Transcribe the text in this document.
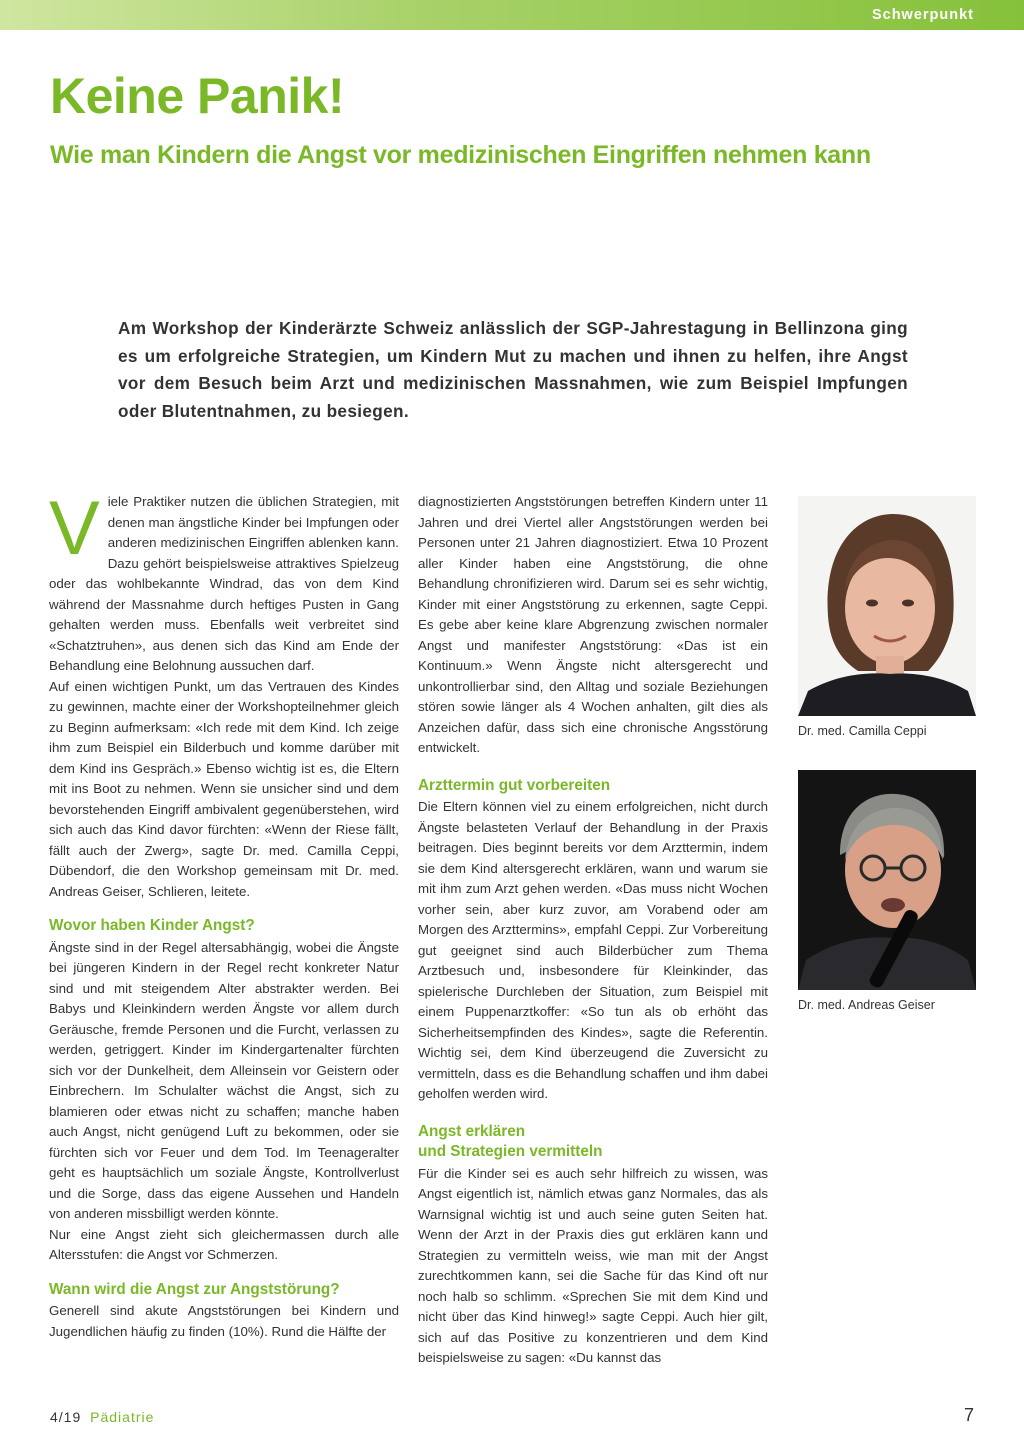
Schwerpunkt
Keine Panik!
Wie man Kindern die Angst vor medizinischen Eingriffen nehmen kann

Am Workshop der Kinderärzte Schweiz anlässlich der SGP-Jahrestagung in Bellinzona ging es um erfolgreiche Strategien, um Kindern Mut zu machen und ihnen zu helfen, ihre Angst vor dem Besuch beim Arzt und medizinischen Massnahmen, wie zum Beispiel Impfungen oder Blutentnahmen, zu besiegen.

Viele Praktiker nutzen die üblichen Strategien, mit denen man ängstliche Kinder bei Impfungen oder anderen medizinischen Eingriffen ablenken kann. Dazu gehört beispielsweise attraktives Spielzeug oder das wohlbekannte Windrad, das von dem Kind während der Massnahme durch heftiges Pusten in Gang gehalten werden muss. Ebenfalls weit verbreitet sind «Schatztruhen», aus denen sich das Kind am Ende der Behandlung eine Belohnung aussuchen darf.

Auf einen wichtigen Punkt, um das Vertrauen des Kindes zu gewinnen, machte einer der Workshopteilnehmer gleich zu Beginn aufmerksam: «Ich rede mit dem Kind. Ich zeige ihm zum Beispiel ein Bilderbuch und komme darüber mit dem Kind ins Gespräch.» Ebenso wichtig ist es, die Eltern mit ins Boot zu nehmen. Wenn sie unsicher sind und dem bevorstehenden Eingriff ambivalent gegenüberstehen, wird sich auch das Kind davor fürchten: «Wenn der Riese fällt, fällt auch der Zwerg», sagte Dr. med. Camilla Ceppi, Dübendorf, die den Workshop gemeinsam mit Dr. med. Andreas Geiser, Schlieren, leitete.

Wovor haben Kinder Angst?

Ängste sind in der Regel altersabhängig, wobei die Ängste bei jüngeren Kindern in der Regel recht konkreter Natur sind und mit steigendem Alter abstrakter werden. Bei Babys und Kleinkindern werden Ängste vor allem durch Geräusche, fremde Personen und die Furcht, verlassen zu werden, getriggert. Kinder im Kindergartenalter fürchten sich vor der Dunkelheit, dem Alleinsein vor Geistern oder Einbrechern. Im Schulalter wächst die Angst, sich zu blamieren oder etwas nicht zu schaffen; manche haben auch Angst, nicht genügend Luft zu bekommen, oder sie fürchten sich vor Feuer und dem Tod. Im Teenageralter geht es hauptsächlich um soziale Ängste, Kontrollverlust und die Sorge, dass das eigene Aussehen und Handeln von anderen missbilligt werden könnte.

Nur eine Angst zieht sich gleichermassen durch alle Altersstufen: die Angst vor Schmerzen.

Wann wird die Angst zur Angststörung?

Generell sind akute Angststörungen bei Kindern und Jugendlichen häufig zu finden (10%). Rund die Hälfte der

diagnostizierten Angststörungen betreffen Kindern unter 11 Jahren und drei Viertel aller Angststörungen werden bei Personen unter 21 Jahren diagnostiziert. Etwa 10 Prozent aller Kinder haben eine Angststörung, die ohne Behandlung chronifizieren wird. Darum sei es sehr wichtig, Kinder mit einer Angststörung zu erkennen, sagte Ceppi. Es gebe aber keine klare Abgrenzung zwischen normaler Angst und manifester Angststörung: «Das ist ein Kontinuum.» Wenn Ängste nicht altersgerecht und unkontrollierbar sind, den Alltag und soziale Beziehungen stören sowie länger als 4 Wochen anhalten, gilt dies als Anzeichen dafür, dass sich eine chronische Angsstörung entwickelt.

Arzttermin gut vorbereiten

Die Eltern können viel zu einem erfolgreichen, nicht durch Ängste belasteten Verlauf der Behandlung in der Praxis beitragen. Dies beginnt bereits vor dem Arzttermin, indem sie dem Kind altersgerecht erklären, wann und warum sie mit ihm zum Arzt gehen werden. «Das muss nicht Wochen vorher sein, aber kurz zuvor, am Vorabend oder am Morgen des Arzttermins», empfahl Ceppi. Zur Vorbereitung gut geeignet sind auch Bilderbücher zum Thema Arztbesuch und, insbesondere für Kleinkinder, das spielerische Durchleben der Situation, zum Beispiel mit einem Puppenarztkoffer: «So tun als ob erhöht das Sicherheitsempfinden des Kindes», sagte die Referentin. Wichtig sei, dem Kind überzeugend die Zuversicht zu vermitteln, dass es die Behandlung schaffen und ihm dabei geholfen werden wird.

Angst erklären
und Strategien vermitteln

Für die Kinder sei es auch sehr hilfreich zu wissen, was Angst eigentlich ist, nämlich etwas ganz Normales, das als Warnsignal wichtig ist und auch seine guten Seiten hat. Wenn der Arzt in der Praxis dies gut erklären kann und Strategien zu vermitteln weiss, wie man mit der Angst zurechtkommen kann, sei die Sache für das Kind oft nur noch halb so schlimm. «Sprechen Sie mit dem Kind und nicht über das Kind hinweg!» sagte Ceppi. Auch hier gilt, sich auf das Positive zu konzentrieren und dem Kind beispielsweise zu sagen: «Du kannst das

Dr. med. Camilla Ceppi
Dr. med. Andreas Geiser
4/19 Pädiatrie	7
